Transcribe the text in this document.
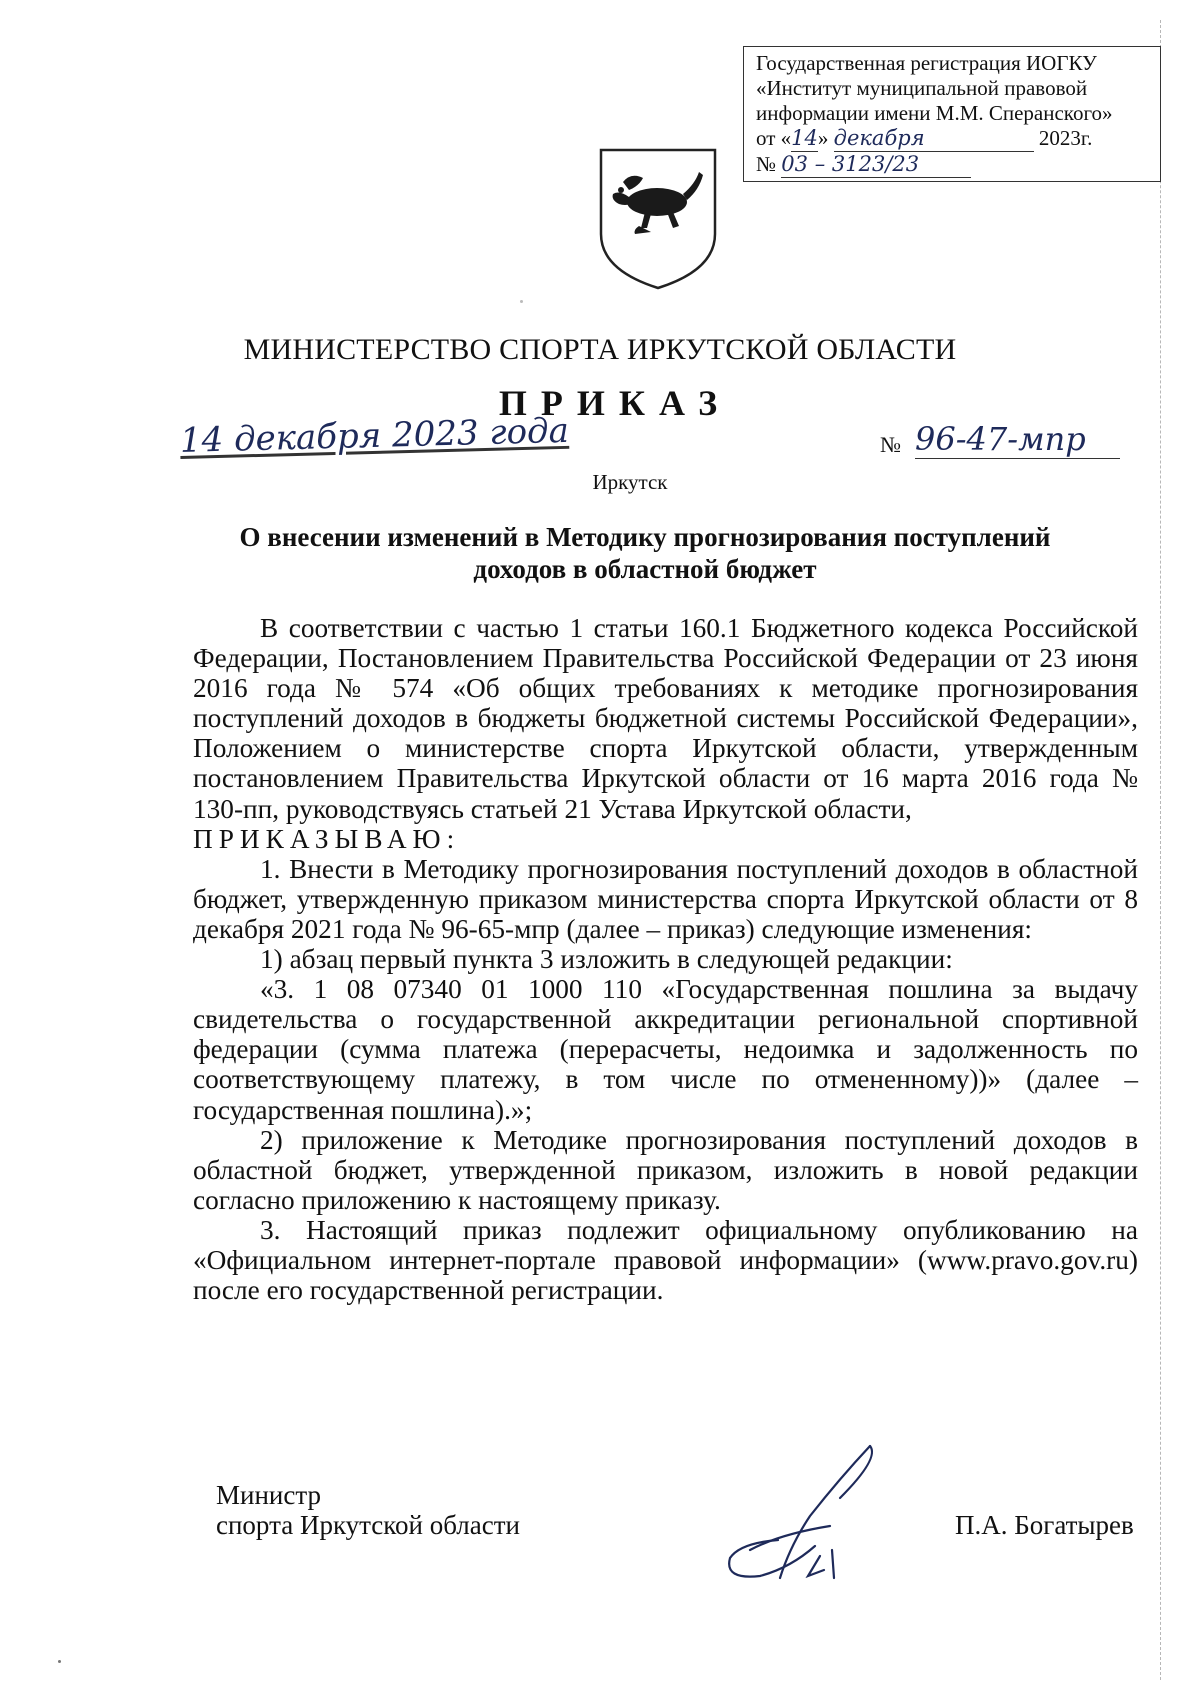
Государственная регистрация ИОГКУ
«Институт муниципальной правовой
информации имени М.М. Сперанского»
от «14» декабря	2023г.
№ 03 – 3123/23
МИНИСТЕРСТВО СПОРТА ИРКУТСКОЙ ОБЛАСТИ
ПРИКАЗ
14 декабря 2023 года	№ 96-47-мпр
Иркутск

О внесении изменений в Методику прогнозирования поступлений

доходов в областной бюджет

В соответствии с частью 1 статьи 160.1 Бюджетного кодекса Российской Федерации, Постановлением Правительства Российской Федерации от 23 июня 2016 года № 574 «Об общих требованиях к методике прогнозирования поступлений доходов в бюджеты бюджетной системы Российской Федерации», Положением о министерстве спорта Иркутской области, утвержденным постановлением Правительства Иркутской области от 16 марта 2016 года № 130-пп, руководствуясь статьей 21 Устава Иркутской области,

ПРИКАЗЫВАЮ:

1. Внести в Методику прогнозирования поступлений доходов в областной бюджет, утвержденную приказом министерства спорта Иркутской области от 8 декабря 2021 года № 96-65-мпр (далее – приказ) следующие изменения:

1) абзац первый пункта 3 изложить в следующей редакции:

«3. 1 08 07340 01 1000 110 «Государственная пошлина за выдачу свидетельства о государственной аккредитации региональной спортивной федерации (сумма платежа (перерасчеты, недоимка и задолженность по соответствующему платежу, в том числе по отмененному))» (далее – государственная пошлина).»;

2) приложение к Методике прогнозирования поступлений доходов в областной бюджет, утвержденной приказом, изложить в новой редакции согласно приложению к настоящему приказу.

3. Настоящий приказ подлежит официальному опубликованию на «Официальном интернет-портале правовой информации» (www.pravo.gov.ru) после его государственной регистрации.

Министр

спорта Иркутской области	П.А. Богатырев
